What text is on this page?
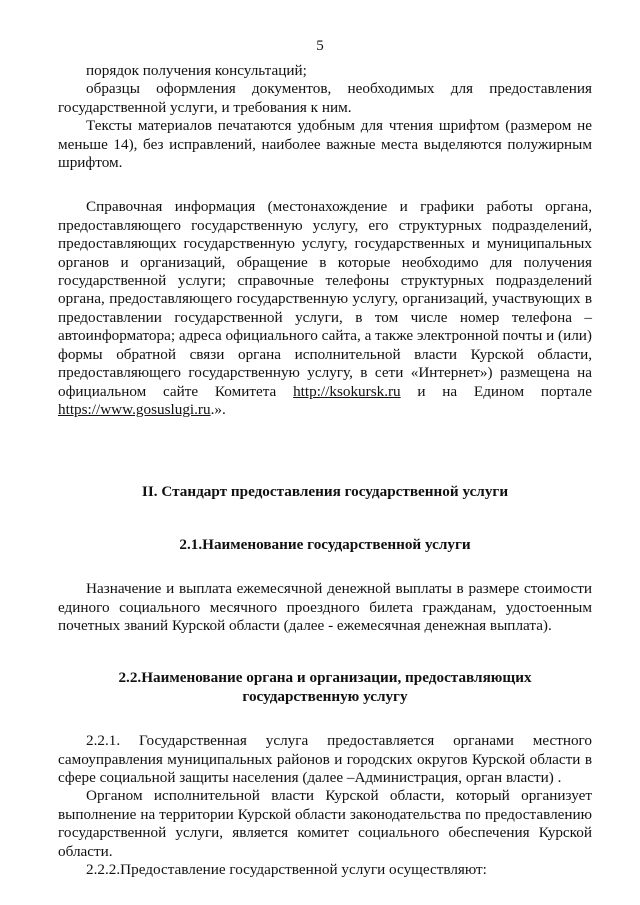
5

порядок получения консультаций;

образцы оформления документов, необходимых для предоставления государственной услуги, и требования к ним.

Тексты материалов печатаются удобным для чтения шрифтом (размером не меньше 14), без исправлений, наиболее важные места выделяются полужирным шрифтом.

Справочная информация (местонахождение и графики работы органа, предоставляющего государственную услугу, его структурных подразделений, предоставляющих государственную услугу, государственных и муниципальных органов и организаций, обращение в которые необходимо для получения государственной услуги; справочные телефоны структурных подразделений органа, предоставляющего государственную услугу, организаций, участвующих в предоставлении государственной услуги, в том числе номер телефона – автоинформатора; адреса официального сайта, а также электронной почты и (или) формы обратной связи органа исполнительной власти Курской области, предоставляющего государственную услугу, в сети «Интернет») размещена на официальном сайте Комитета http://ksokursk.ru и на Едином портале https://www.gosuslugi.ru.».

II. Стандарт предоставления государственной услуги
2.1.Наименование государственной услуги

Назначение и выплата ежемесячной денежной выплаты в размере стоимости единого социального месячного проездного билета гражданам, удостоенным почетных званий Курской области (далее - ежемесячная денежная выплата).

2.2.Наименование органа и организации, предоставляющих
государственную услугу

2.2.1. Государственная услуга предоставляется органами местного самоуправления муниципальных районов и городских округов Курской области в сфере социальной защиты населения (далее –Администрация, орган власти) .

Органом исполнительной власти Курской области, который организует выполнение на территории Курской области законодательства по предоставлению государственной услуги, является комитет социального обеспечения Курской области.

2.2.2.Предоставление государственной услуги осуществляют:
